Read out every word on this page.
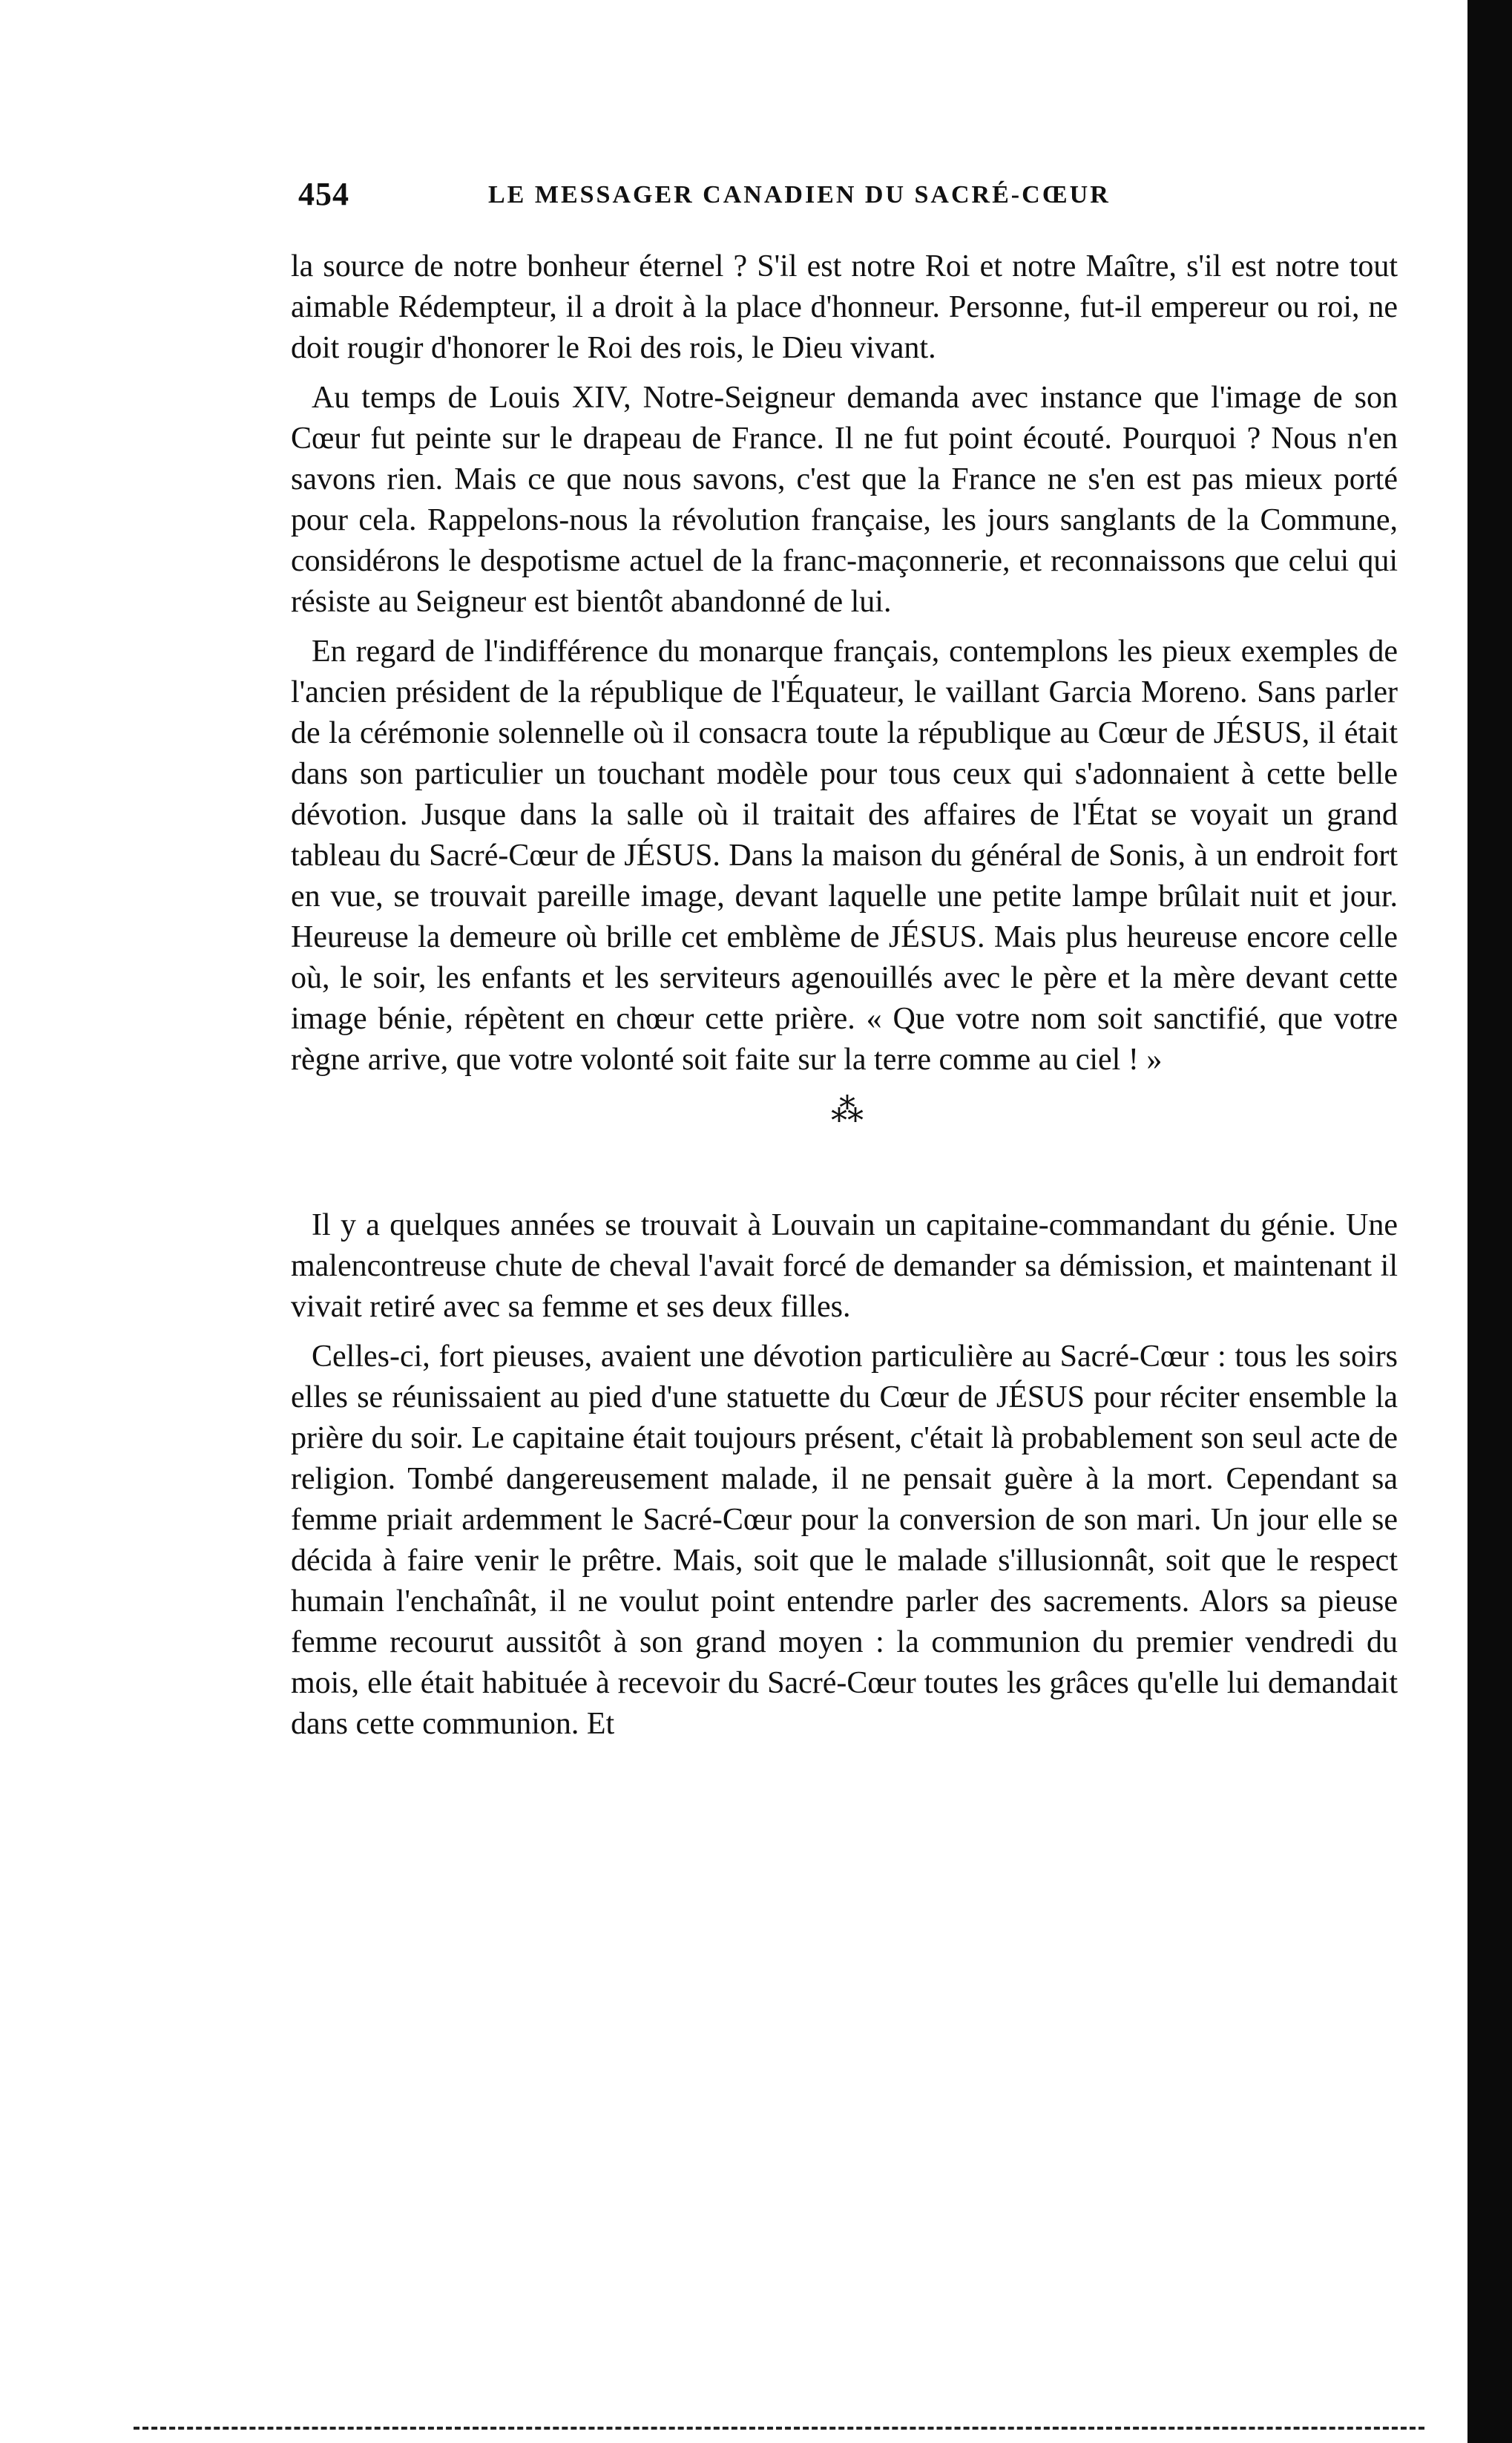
454	LE MESSAGER CANADIEN DU SACRÉ-CŒUR

la source de notre bonheur éternel ? S'il est notre Roi et notre Maître, s'il est notre tout aimable Rédempteur, il a droit à la place d'honneur. Personne, fut-il empereur ou roi, ne doit rougir d'honorer le Roi des rois, le Dieu vivant.

Au temps de Louis XIV, Notre-Seigneur demanda avec instance que l'image de son Cœur fut peinte sur le drapeau de France. Il ne fut point écouté. Pourquoi ? Nous n'en savons rien. Mais ce que nous savons, c'est que la France ne s'en est pas mieux porté pour cela. Rappelons-nous la révolution française, les jours sanglants de la Commune, considérons le despotisme actuel de la franc-maçonnerie, et reconnaissons que celui qui résiste au Seigneur est bientôt abandonné de lui.

En regard de l'indifférence du monarque français, contemplons les pieux exemples de l'ancien président de la république de l'Équateur, le vaillant Garcia Moreno. Sans parler de la cérémonie solennelle où il consacra toute la république au Cœur de JÉSUS, il était dans son particulier un touchant modèle pour tous ceux qui s'adonnaient à cette belle dévotion. Jusque dans la salle où il traitait des affaires de l'État se voyait un grand tableau du Sacré-Cœur de JÉSUS. Dans la maison du général de Sonis, à un endroit fort en vue, se trouvait pareille image, devant laquelle une petite lampe brûlait nuit et jour. Heureuse la demeure où brille cet emblème de JÉSUS. Mais plus heureuse encore celle où, le soir, les enfants et les serviteurs agenouillés avec le père et la mère devant cette image bénie, répètent en chœur cette prière. « Que votre nom soit sanctifié, que votre règne arrive, que votre volonté soit faite sur la terre comme au ciel ! »

⁂

Il y a quelques années se trouvait à Louvain un capitaine-commandant du génie. Une malencontreuse chute de cheval l'avait forcé de demander sa démission, et maintenant il vivait retiré avec sa femme et ses deux filles.

Celles-ci, fort pieuses, avaient une dévotion particulière au Sacré-Cœur : tous les soirs elles se réunissaient au pied d'une statuette du Cœur de JÉSUS pour réciter ensemble la prière du soir. Le capitaine était toujours présent, c'était là probablement son seul acte de religion. Tombé dangereusement malade, il ne pensait guère à la mort. Cependant sa femme priait ardemment le Sacré-Cœur pour la conversion de son mari. Un jour elle se décida à faire venir le prêtre. Mais, soit que le malade s'illusionnât, soit que le respect humain l'enchaînât, il ne voulut point entendre parler des sacrements. Alors sa pieuse femme recourut aussitôt à son grand moyen : la communion du premier vendredi du mois, elle était habituée à recevoir du Sacré-Cœur toutes les grâces qu'elle lui demandait dans cette communion. Et
